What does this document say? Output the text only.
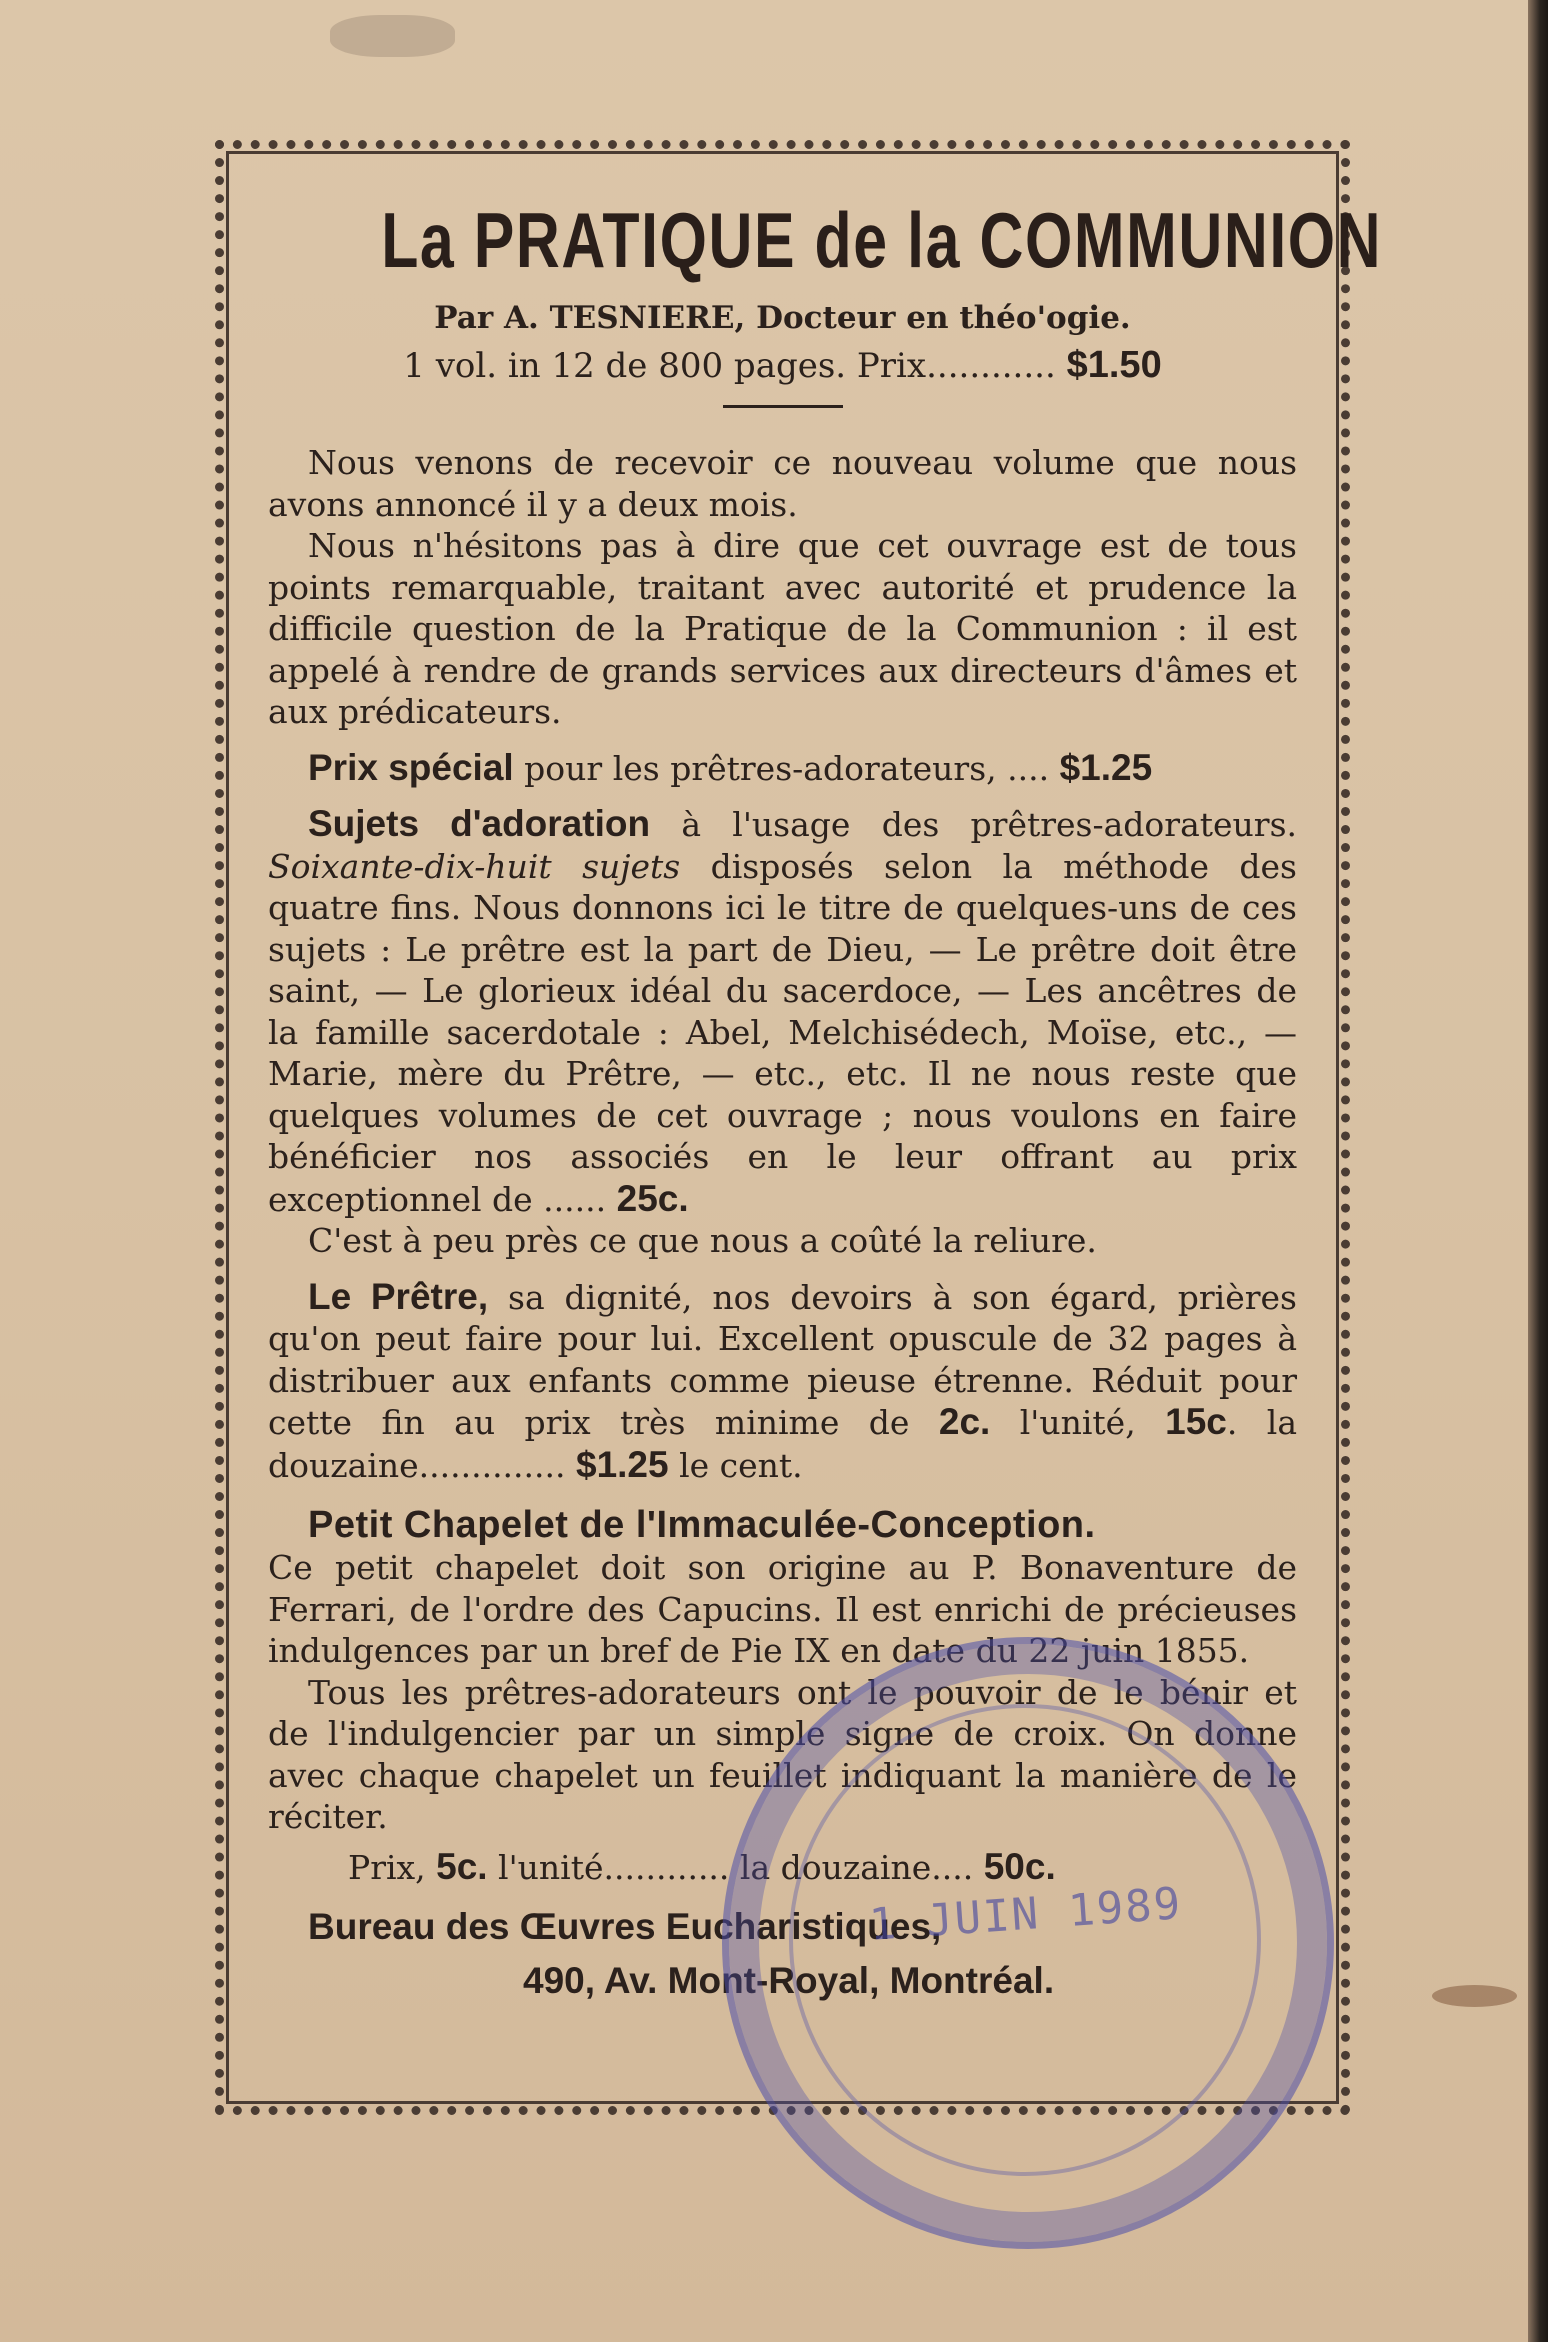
La PRATIQUE de la COMMUNION
Par A. TESNIERE, Docteur en théo'ogie.
1 vol. in 12 de 800 pages. Prix............ $1.50

Nous venons de recevoir ce nouveau volume que nous avons annoncé il y a deux mois.

Nous n'hésitons pas à dire que cet ouvrage est de tous points remarquable, traitant avec autorité et prudence la difficile question de la Pratique de la Communion : il est appelé à rendre de grands services aux directeurs d'âmes et aux prédicateurs.

Prix spécial pour les prêtres-adorateurs, .... $1.25

Sujets d'adoration à l'usage des prêtres-adorateurs. Soixante-dix-huit sujets disposés selon la méthode des quatre fins. Nous donnons ici le titre de quelques-uns de ces sujets : Le prêtre est la part de Dieu, — Le prêtre doit être saint, — Le glorieux idéal du sacerdoce, — Les ancêtres de la famille sacerdotale : Abel, Melchisédech, Moïse, etc., — Marie, mère du Prêtre, — etc., etc. Il ne nous reste que quelques volumes de cet ouvrage ; nous voulons en faire bénéficier nos associés en le leur offrant au prix exceptionnel de ...... 25c.

C'est à peu près ce que nous a coûté la reliure.

Le Prêtre, sa dignité, nos devoirs à son égard, prières qu'on peut faire pour lui. Excellent opuscule de 32 pages à distribuer aux enfants comme pieuse étrenne. Réduit pour cette fin au prix très minime de 2c. l'unité, 15c. la douzaine.............. $1.25 le cent.

Petit Chapelet de l'Immaculée-Conception.

Ce petit chapelet doit son origine au P. Bonaventure de Ferrari, de l'ordre des Capucins. Il est enrichi de précieuses indulgences par un bref de Pie IX en date du 22 juin 1855.

Tous les prêtres-adorateurs ont le pouvoir de le bénir et de l'indulgencier par un simple signe de croix. On donne avec chaque chapelet un feuillet indiquant la manière de le réciter.

Prix, 5c. l'unité............ la douzaine.... 50c.
Bureau des Œuvres Eucharistiques,
490, Av. Mont-Royal, Montréal.
1 JUIN 1989
